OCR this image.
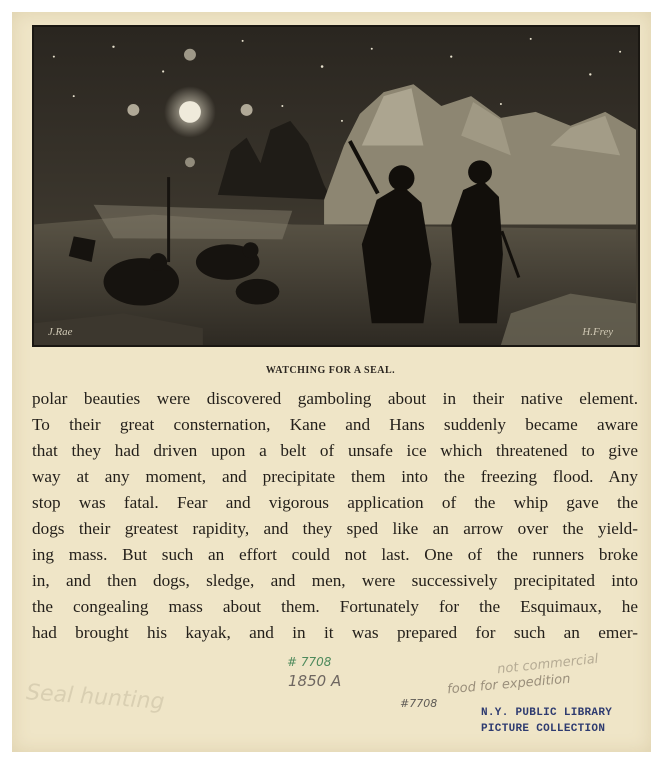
J.Rae	H.Frey
WATCHING FOR A SEAL.
polar beauties were discovered gamboling about in their native element.
To their great consternation, Kane and Hans suddenly became aware
that they had driven upon a belt of unsafe ice which threatened to give
way at any moment, and precipitate them into the freezing flood. Any
stop was fatal. Fear and vigorous application of the whip gave the
dogs their greatest rapidity, and they sped like an arrow over the yield-
ing mass. But such an effort could not last. One of the runners broke
in, and then dogs, sledge, and men, were successively precipitated into
the congealing mass about them. Fortunately for the Esquimaux, he
had brought his kayak, and in it was prepared for such an emer-
Seal hunting
# 7708
1850 A
not commercial
food for expedition
#7708
N.Y. PUBLIC LIBRARY
PICTURE COLLECTION
